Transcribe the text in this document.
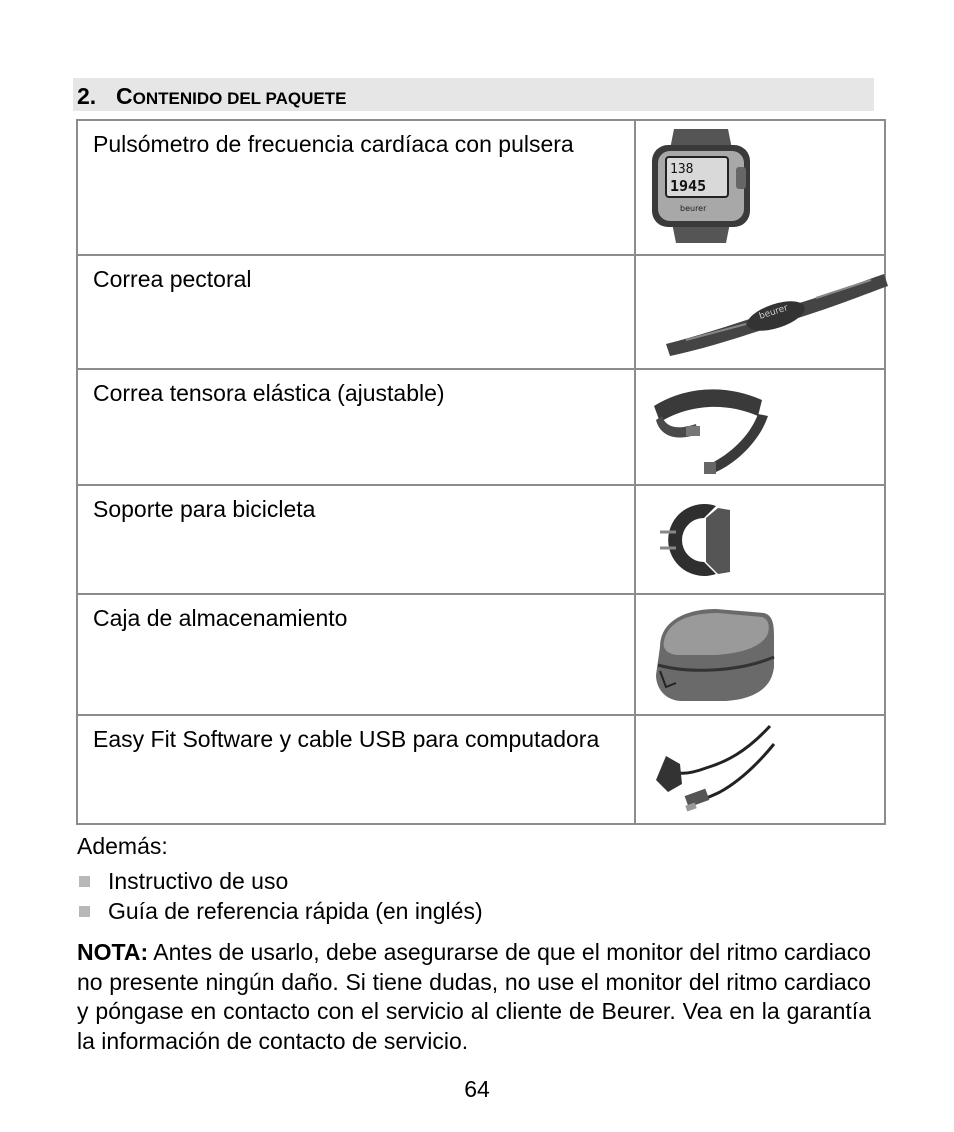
2. CONTENIDO DEL PAQUETE
Pulsómetro de frecuencia cardíaca con pulsera	138
1945
beurer

Correa pectoral	beurer

Correa tensora elástica (ajustable)	

Soporte para bicicleta	

Caja de almacenamiento	

Easy Fit Software y cable USB para computadora	
Además:
Instructivo de uso
Guía de referencia rápida (en inglés)
NOTA: Antes de usarlo, debe asegurarse de que el monitor del ritmo cardiaco no presente ningún daño. Si tiene dudas, no use el monitor del ritmo cardiaco y póngase en contacto con el servicio al cliente de Beurer. Vea en la garantía la información de contacto de servicio.
64
